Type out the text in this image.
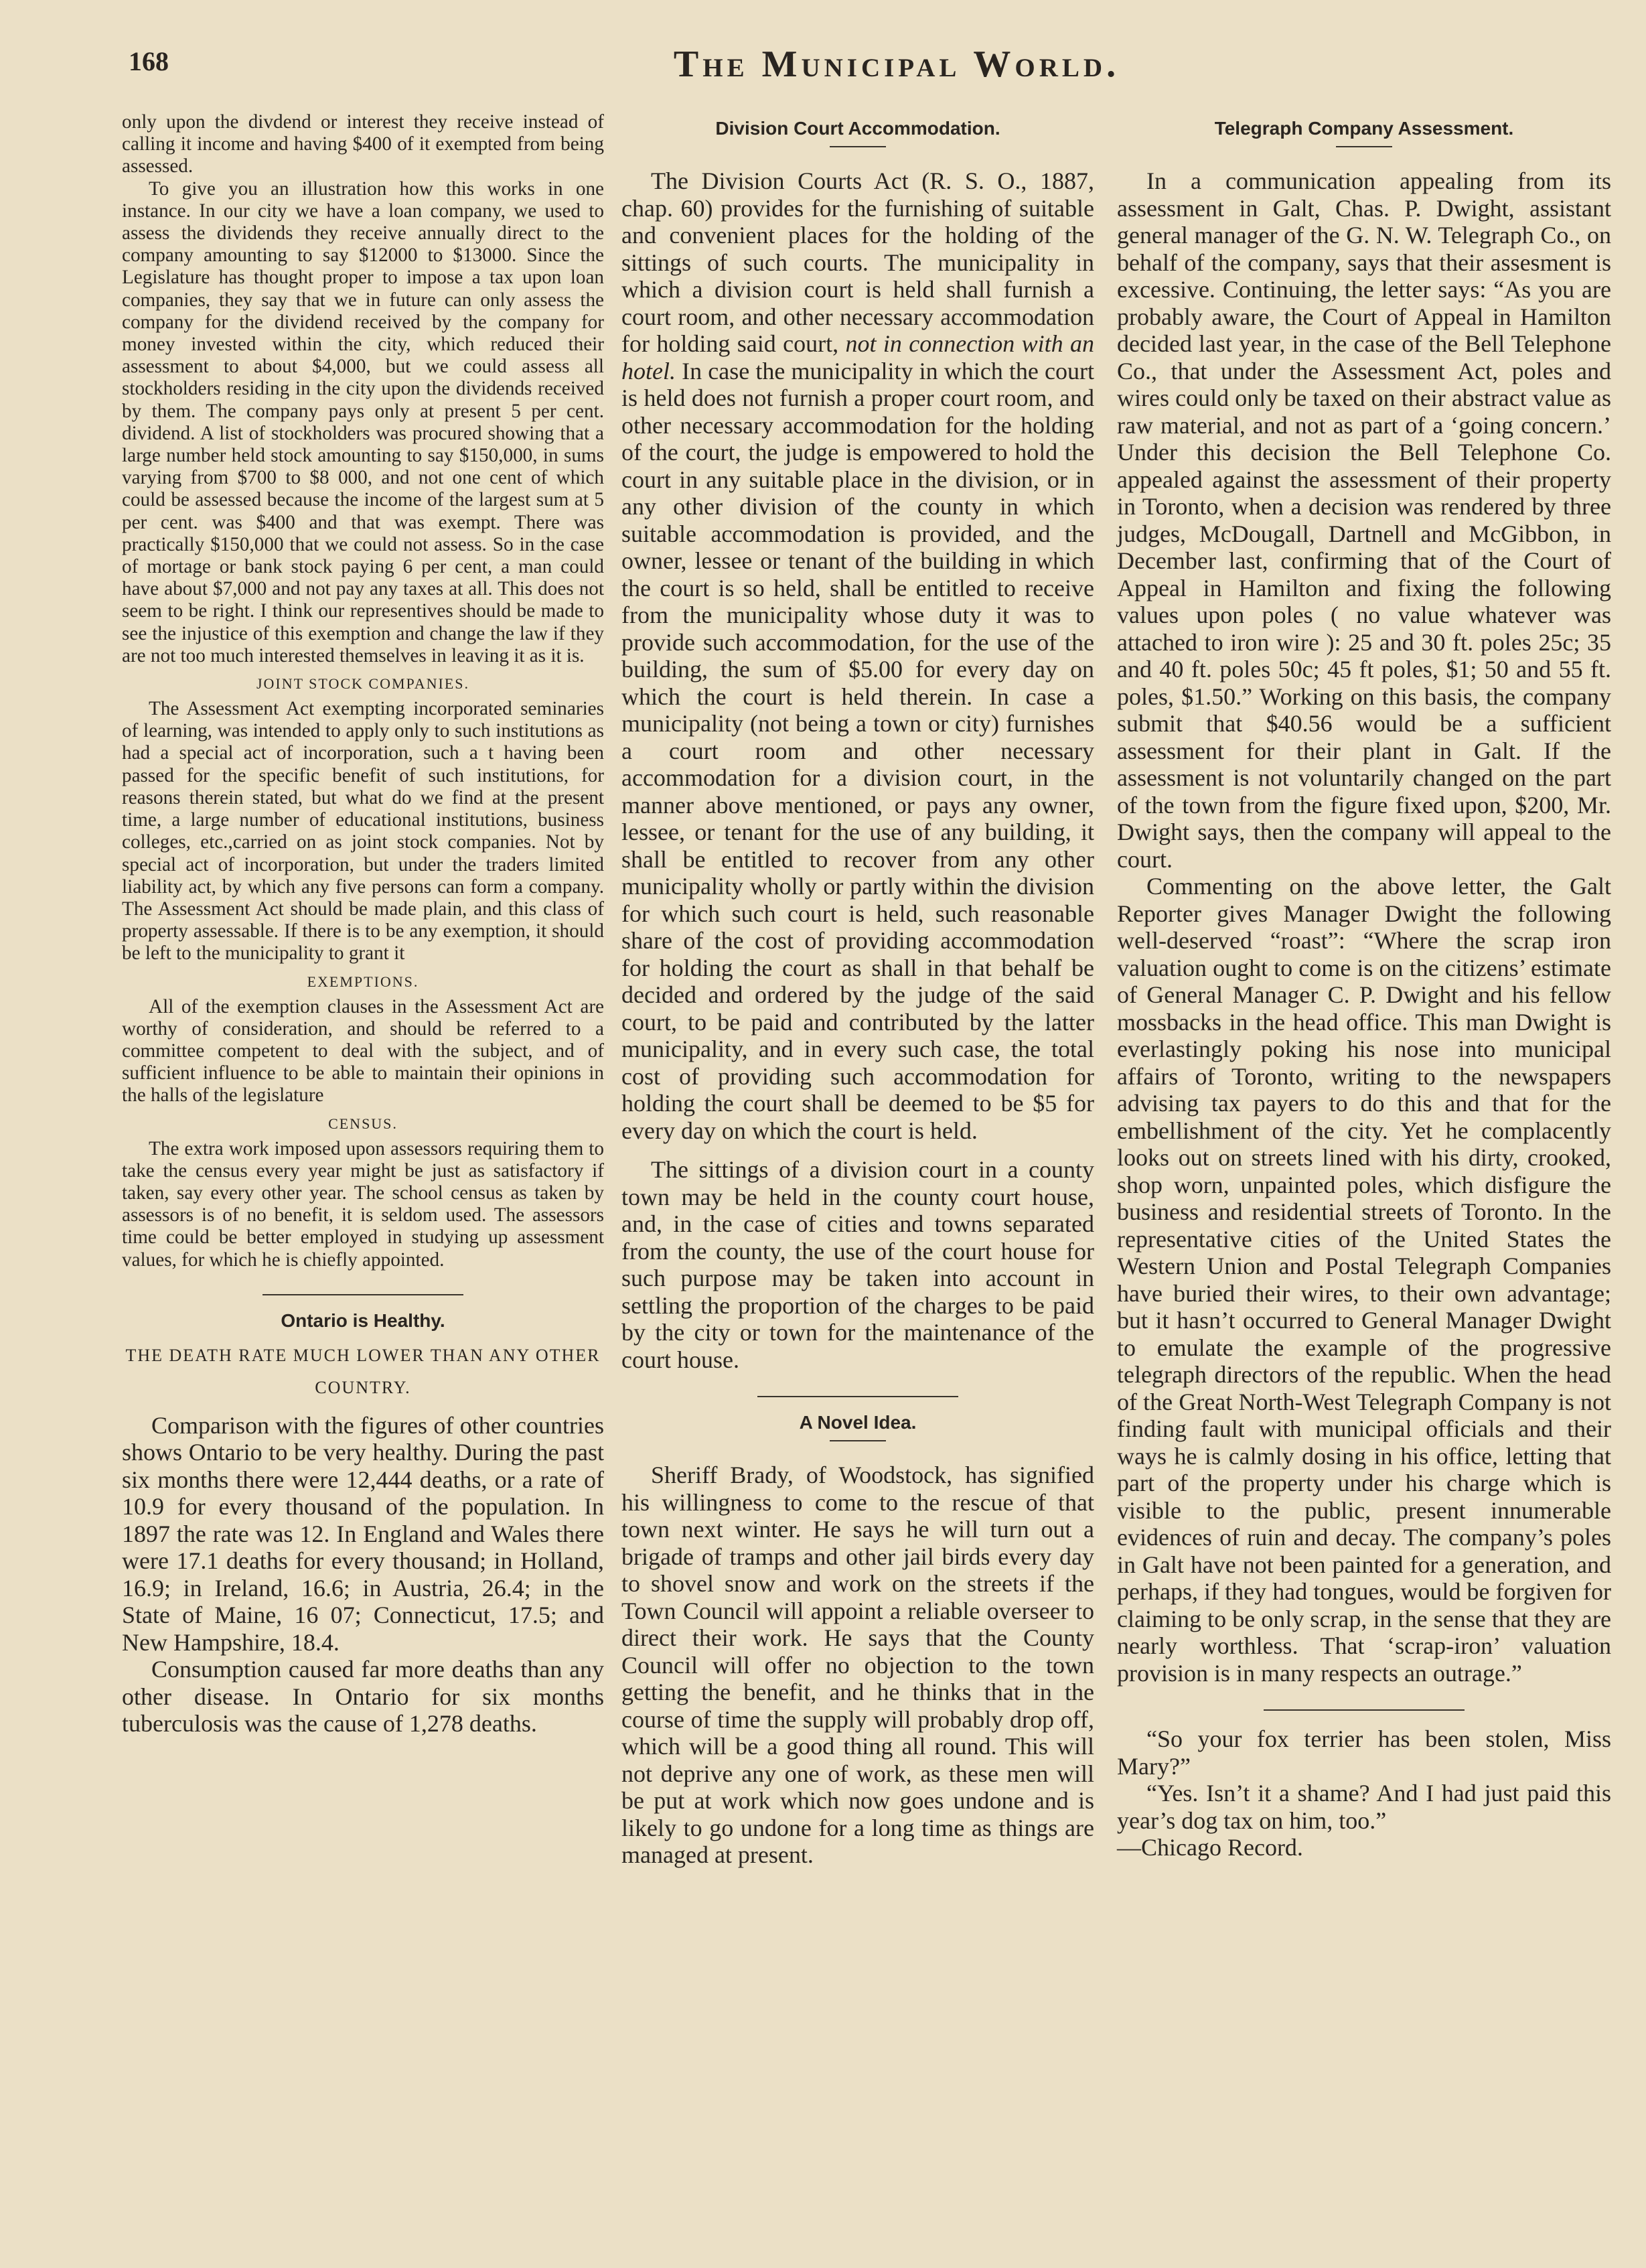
168	The Municipal World.

only upon the divdend or interest they receive instead of calling it income and having $400 of it exempted from being assessed.

To give you an illustration how this works in one instance. In our city we have a loan company, we used to assess the dividends they receive annually direct to the company amounting to say $12000 to $13000. Since the Legislature has thought proper to impose a tax upon loan companies, they say that we in future can only assess the company for the dividend received by the company for money invested within the city, which reduced their assessment to about $4,000, but we could assess all stockholders residing in the city upon the dividends received by them. The company pays only at present 5 per cent. dividend. A list of stockholders was procured showing that a large number held stock amounting to say $150,000, in sums varying from $700 to $8 000, and not one cent of which could be assessed because the income of the largest sum at 5 per cent. was $400 and that was exempt. There was practically $150,000 that we could not assess. So in the case of mortage or bank stock paying 6 per cent, a man could have about $7,000 and not pay any taxes at all. This does not seem to be right. I think our representives should be made to see the injustice of this exemption and change the law if they are not too much interested themselves in leaving it as it is.

JOINT STOCK COMPANIES.

The Assessment Act exempting incorporated seminaries of learning, was intended to apply only to such institutions as had a special act of incorporation, such a t having been passed for the specific benefit of such institutions, for reasons therein stated, but what do we find at the present time, a large number of educational institutions, business colleges, etc.,carried on as joint stock companies. Not by special act of incorporation, but under the traders limited liability act, by which any five persons can form a company. The Assessment Act should be made plain, and this class of property assessable. If there is to be any exemption, it should be left to the municipality to grant it

EXEMPTIONS.

All of the exemption clauses in the Assessment Act are worthy of consideration, and should be referred to a committee competent to deal with the subject, and of sufficient influence to be able to maintain their opinions in the halls of the legislature

CENSUS.

The extra work imposed upon assessors requiring them to take the census every year might be just as satisfactory if taken, say every other year. The school census as taken by assessors is of no benefit, it is seldom used. The assessors time could be better employed in studying up assessment values, for which he is chiefly appointed.

Ontario is Healthy.
THE DEATH RATE MUCH LOWER THAN ANY OTHER COUNTRY.

Comparison with the figures of other countries shows Ontario to be very healthy. During the past six months there were 12,444 deaths, or a rate of 10.9 for every thousand of the population. In 1897 the rate was 12. In England and Wales there were 17.1 deaths for every thousand; in Holland, 16.9; in Ireland, 16.6; in Austria, 26.4; in the State of Maine, 16 07; Connecticut, 17.5; and New Hampshire, 18.4.

Consumption caused far more deaths than any other disease. In Ontario for six months tuberculosis was the cause of 1,278 deaths.

Division Court Accommodation.

The Division Courts Act (R. S. O., 1887, chap. 60) provides for the furnishing of suitable and convenient places for the holding of the sittings of such courts. The municipality in which a division court is held shall furnish a court room, and other necessary accommodation for holding said court, not in connection with an hotel. In case the municipality in which the court is held does not furnish a proper court room, and other necessary accommodation for the holding of the court, the judge is empowered to hold the court in any suitable place in the division, or in any other division of the county in which suitable accommodation is provided, and the owner, lessee or tenant of the building in which the court is so held, shall be entitled to receive from the municipality whose duty it was to provide such accommodation, for the use of the building, the sum of $5.00 for every day on which the court is held therein. In case a municipality (not being a town or city) furnishes a court room and other necessary accommodation for a division court, in the manner above mentioned, or pays any owner, lessee, or tenant for the use of any building, it shall be entitled to recover from any other municipality wholly or partly within the division for which such court is held, such reasonable share of the cost of providing accommodation for holding the court as shall in that behalf be decided and ordered by the judge of the said court, to be paid and contributed by the latter municipality, and in every such case, the total cost of providing such accommodation for holding the court shall be deemed to be $5 for every day on which the court is held.

The sittings of a division court in a county town may be held in the county court house, and, in the case of cities and towns separated from the county, the use of the court house for such purpose may be taken into account in settling the proportion of the charges to be paid by the city or town for the maintenance of the court house.

A Novel Idea.

Sheriff Brady, of Woodstock, has signified his willingness to come to the rescue of that town next winter. He says he will turn out a brigade of tramps and other jail birds every day to shovel snow and work on the streets if the Town Council will appoint a reliable overseer to direct their work. He says that the County Council will offer no objection to the town getting the benefit, and he thinks that in the course of time the supply will probably drop off, which will be a good thing all round. This will not deprive any one of work, as these men will be put at work which now goes undone and is likely to go undone for a long time as things are managed at present.

Telegraph Company Assessment.

In a communication appealing from its assessment in Galt, Chas. P. Dwight, assistant general manager of the G. N. W. Telegraph Co., on behalf of the company, says that their assesment is excessive. Continuing, the letter says: “As you are probably aware, the Court of Appeal in Hamilton decided last year, in the case of the Bell Telephone Co., that under the Assessment Act, poles and wires could only be taxed on their abstract value as raw material, and not as part of a ‘going concern.’ Under this decision the Bell Telephone Co. appealed against the assessment of their property in Toronto, when a decision was rendered by three judges, McDougall, Dartnell and McGibbon, in December last, confirming that of the Court of Appeal in Hamilton and fixing the following values upon poles ( no value whatever was attached to iron wire ): 25 and 30 ft. poles 25c; 35 and 40 ft. poles 50c; 45 ft poles, $1; 50 and 55 ft. poles, $1.50.” Working on this basis, the company submit that $40.56 would be a sufficient assessment for their plant in Galt. If the assessment is not voluntarily changed on the part of the town from the figure fixed upon, $200, Mr. Dwight says, then the company will appeal to the court.

Commenting on the above letter, the Galt Reporter gives Manager Dwight the following well-deserved “roast”: “Where the scrap iron valuation ought to come is on the citizens’ estimate of General Manager C. P. Dwight and his fellow mossbacks in the head office. This man Dwight is everlastingly poking his nose into municipal affairs of Toronto, writing to the newspapers advising tax payers to do this and that for the embellishment of the city. Yet he complacently looks out on streets lined with his dirty, crooked, shop worn, unpainted poles, which disfigure the business and residential streets of Toronto. In the representative cities of the United States the Western Union and Postal Telegraph Companies have buried their wires, to their own advantage; but it hasn’t occurred to General Manager Dwight to emulate the example of the progressive telegraph directors of the republic. When the head of the Great North-West Telegraph Company is not finding fault with municipal officials and their ways he is calmly dosing in his office, letting that part of the property under his charge which is visible to the public, present innumerable evidences of ruin and decay. The company’s poles in Galt have not been painted for a generation, and perhaps, if they had tongues, would be forgiven for claiming to be only scrap, in the sense that they are nearly worthless. That ‘scrap-iron’ valuation provision is in many respects an outrage.”

“So your fox terrier has been stolen, Miss Mary?”

“Yes. Isn’t it a shame? And I had just paid this year’s dog tax on him, too.”

—Chicago Record.
